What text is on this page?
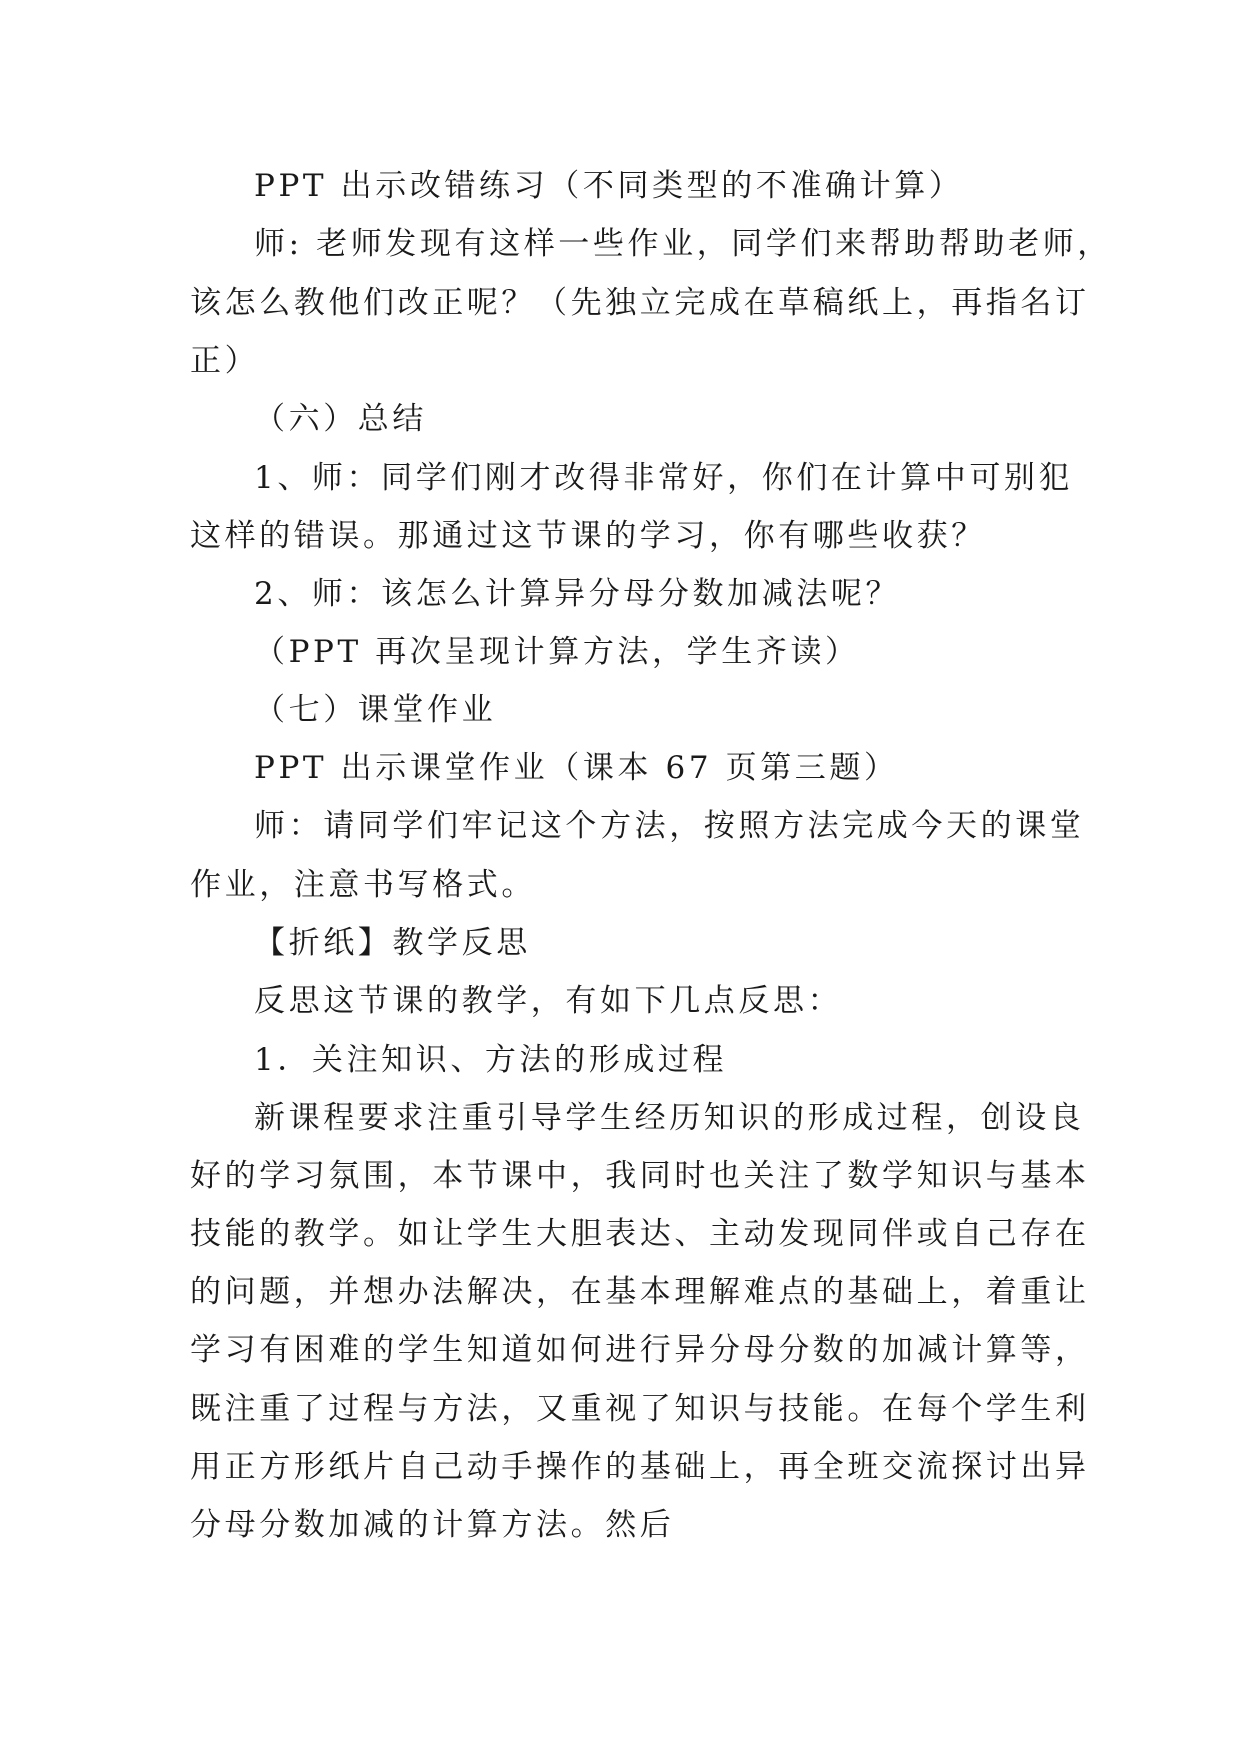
PPT 出示改错练习（不同类型的不准确计算）
师: 老师发现有这样一些作业，同学们来帮助帮助老师，
该怎么教他们改正呢？（先独立完成在草稿纸上，再指名订
正）
（六）总结
1、师：同学们刚才改得非常好，你们在计算中可别犯
这样的错误。那通过这节课的学习，你有哪些收获？
2、师：该怎么计算异分母分数加减法呢？
（PPT 再次呈现计算方法，学生齐读）
（七）课堂作业
PPT 出示课堂作业（课本 67 页第三题）
师：请同学们牢记这个方法，按照方法完成今天的课堂
作业，注意书写格式。
【折纸】教学反思
反思这节课的教学，有如下几点反思：
1．关注知识、方法的形成过程
新课程要求注重引导学生经历知识的形成过程，创设良
好的学习氛围，本节课中，我同时也关注了数学知识与基本
技能的教学。如让学生大胆表达、主动发现同伴或自己存在
的问题，并想办法解决，在基本理解难点的基础上，着重让
学习有困难的学生知道如何进行异分母分数的加减计算等，
既注重了过程与方法，又重视了知识与技能。在每个学生利
用正方形纸片自己动手操作的基础上，再全班交流探讨出异
分母分数加减的计算方法。然后
